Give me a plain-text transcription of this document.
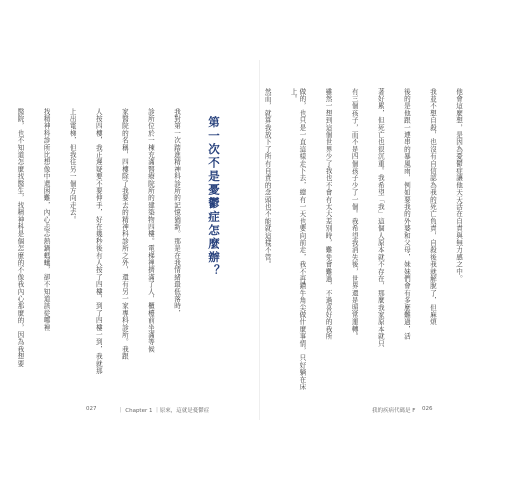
第一次不是憂鬱症怎麼辦？

我對第一次踏進精神科診所的記憶猶新。那是在我情緒最低落時，

診所位於一棟充滿醫療院所的建築物四樓。電梯裡擠滿了人，櫃檯前坐滿等候

家醫院的名稱，四樓除了我要去的精神科診所之外，還有另一家專科診所。我跟

人按四樓，我正遲疑要不要伸手，好在幾秒後有人按了四樓，到了四樓一到，我就那

上出電梯，但我往另一個方向走去。

找精神科診所比想像中還困難，內心忐忑熱鍋螞蟻，卻不知道該從哪裡

醫院，也不知道怎麼找醫生，找精神科是個怎麼的不像我內心那麼的，因為我想要

027	｜ Chapter 1 ｜原來，這就是憂鬱症

他會這麼想，是因為憂鬱症讓他天天活在自責與無力感之中。

我並不想自殺，也沒有自信認為我的死亡負責，自殺後我就解脫了，但麻煩

後的是他跟一連串的暴風雨，例如要我的外婆和父母，妹妹們會有多麼難過，活

著好累，但死亡也很沉重。我希望「我」這個人原本就不存在，那麼我家原本就只

有三個孩子，而不是四個孩子少了一個。我希望我消失後，世界還是照常運轉。

雖然一想到這個世界少了我也不會有太大差別時，難免會難過，不過喜好的我所

做的，也只是一直這樣走下去，總有一天也要向前走，我不再鑽牛角尖做什麼事情，只好躺在床上。

然而，就算我放下了所有自責的念頭也不能就這樣不管。

我的疾病代碼是 F 026
